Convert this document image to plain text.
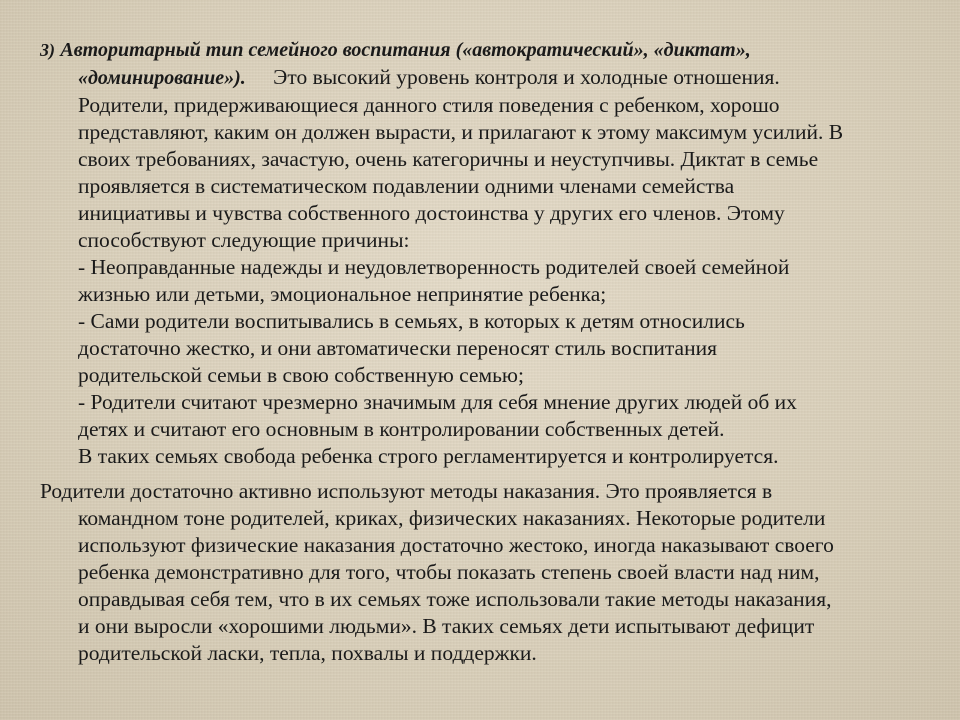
3) Авторитарный тип семейного воспитания («автократический», «диктат»,
«доминирование»). Это высокий уровень контроля и холодные отношения.
Родители, придерживающиеся данного стиля поведения с ребенком, хорошо
представляют, каким он должен вырасти, и прилагают к этому максимум усилий. В
своих требованиях, зачастую, очень категоричны и неуступчивы. Диктат в семье
проявляется в систематическом подавлении одними членами семейства
инициативы и чувства собственного достоинства у других его членов. Этому
способствуют следующие причины:
- Неоправданные надежды и неудовлетворенность родителей своей семейной
жизнью или детьми, эмоциональное непринятие ребенка;
- Сами родители воспитывались в семьях, в которых к детям относились
достаточно жестко, и они автоматически переносят стиль воспитания
родительской семьи в свою собственную семью;
- Родители считают чрезмерно значимым для себя мнение других людей об их
детях и считают его основным в контролировании собственных детей.
В таких семьях свобода ребенка строго регламентируется и контролируется.

Родители достаточно активно используют методы наказания. Это проявляется в
командном тоне родителей, криках, физических наказаниях. Некоторые родители
используют физические наказания достаточно жестоко, иногда наказывают своего
ребенка демонстративно для того, чтобы показать степень своей власти над ним,
оправдывая себя тем, что в их семьях тоже использовали такие методы наказания,
и они выросли «хорошими людьми». В таких семьях дети испытывают дефицит
родительской ласки, тепла, похвалы и поддержки.
